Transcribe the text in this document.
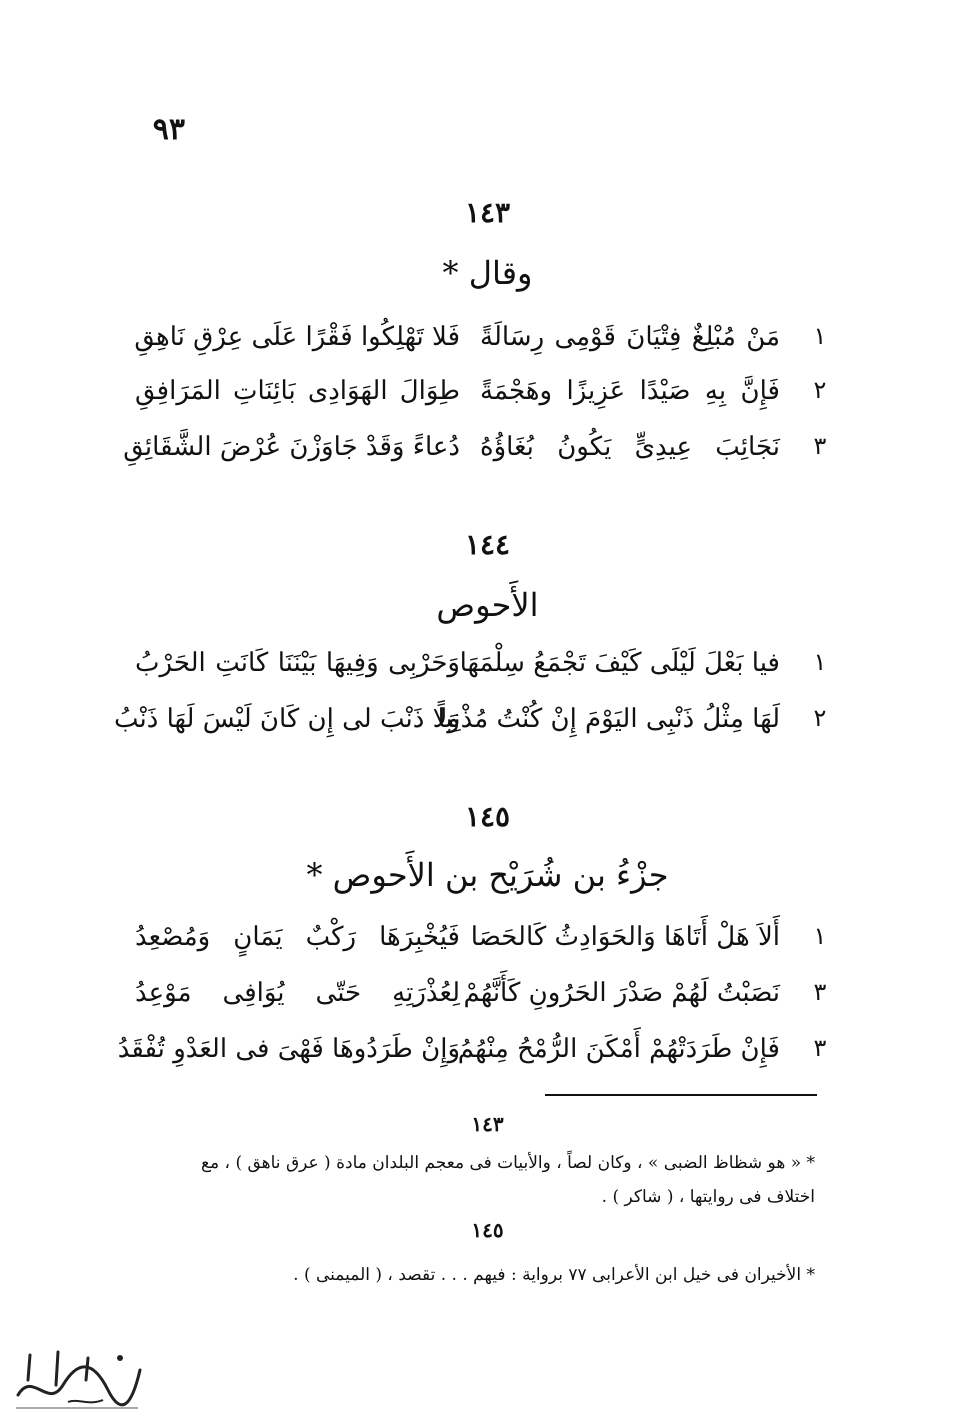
٩٣
١٤٣
وقال *
١
مَنْ مُبْلِغٌ فِتْيَانَ قَوْمِى رِسَالَةً
فَلا تَهْلِكُوا فَقْرًا عَلَى عِرْقِ نَاهِقِ
٢
فَإِنَّ بِهِ صَيْدًا عَزِيزًا وهَجْمَةً
طِوَالَ الهَوَادِى بَائِنَاتِ المَرَافِقِ
٣
نَجَائِبَ عِيدِىٍّ يَكُونُ بُغَاؤُهُ
دُعاءً وَقَدْ جَاوَزْنَ عُرْضَ الشَّقَائِقِ
١٤٤
الأَحوص
١
فيا بَعْلَ لَيْلَى كَيْفَ تَجْمَعُ سِلْمَهَا
وَحَرْبِى وَفِيهَا بَيْنَنَا كَانَتِ الحَرْبُ
٢
لَهَا مِثْلُ ذَنْبِى اليَوْمَ إِنْ كُنْتُ مُذْنِباً
وَلا ذَنْبَ لى إِن كَانَ لَيْسَ لَهَا ذَنْبُ
١٤٥
جزْءُ بن شُرَيْح بن الأَحوص *
١
أَلاَ هَلْ أَتَاهَا وَالحَوَادِثُ كَالحَصَا
فَيُخْبِرَهَا رَكْبٌ يَمَانٍ وَمُصْعِدُ
٣
نَصَبْتُ لَهُمْ صَدْرَ الحَرُونِ كَأَنَّهُمْ
لِعُذْرَتِهِ حَتّى يُوَافِى مَوْعِدُ
٣
فَإِنْ طَرَدَتْهُمْ أَمْكَنَ الرُّمْحُ مِنْهُمُ
وَإِنْ طَرَدُوهَا فَهْىَ فى العَدْوِ تُفْقَدُ
١٤٣
* « هو شظاظ الضبى » ، وكان لصاً ، والأبيات فى معجم البلدان مادة ( عرق ناهق ) ، مع
اختلاف فى روايتها ، ( شاكر ) .
١٤٥
* الأخيران فى خيل ابن الأعرابى ٧٧ برواية : فيهم . . . تقصد ، ( الميمنى ) .
